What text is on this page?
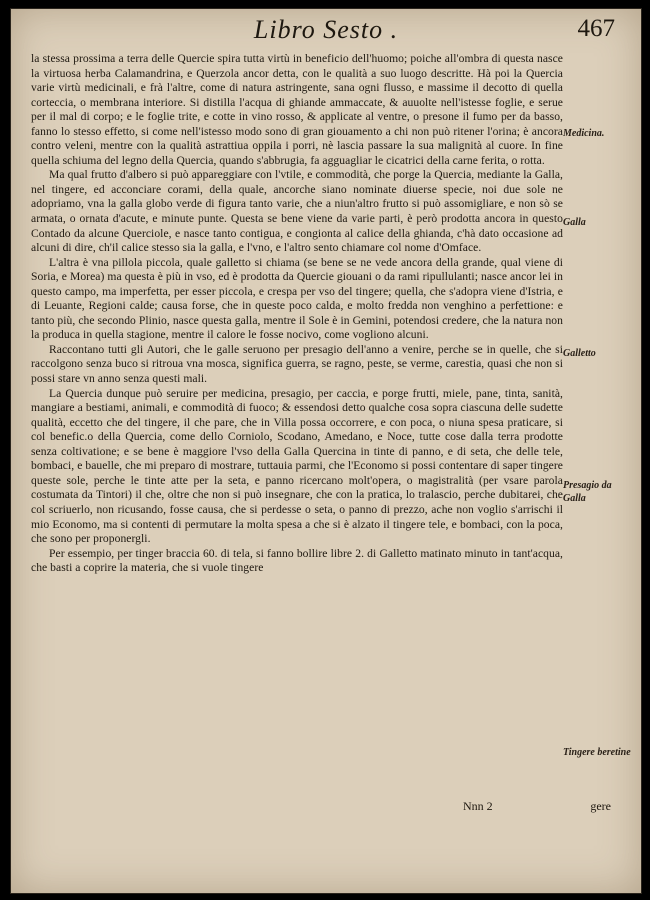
Libro Sesto .	467

la stessa prossima a terra delle Quercie spira tutta virtù in beneficio dell'huomo; poiche all'ombra di questa nasce la virtuosa herba Calamandrina, e Querzola ancor detta, con le qualità a suo luogo descritte. Hà poi la Quercia varie virtù medicinali, e frà l'altre, come di natura astringente, sana ogni flusso, e massime il decotto di quella corteccia, o membrana interiore. Si distilla l'acqua di ghiande ammaccate, & auuolte nell'istesse foglie, e serue per il mal di corpo; e le foglie trite, e cotte in vino rosso, & applicate al ventre, o presone il fumo per da basso, fanno lo stesso effetto, si come nell'istesso modo sono di gran giouamento a chi non può ritener l'orina; è ancora contro veleni, mentre con la qualità astrattiua oppila i porri, nè lascia passare la sua malignità al cuore. In fine quella schiuma del legno della Quercia, quando s'abbrugia, fa agguagliar le cicatrici della carne ferita, o rotta.

Ma qual frutto d'albero si può appareggiare con l'vtile, e commodità, che porge la Quercia, mediante la Galla, nel tingere, ed acconciare corami, della quale, ancorche siano nominate diuerse specie, noi due sole ne adopriamo, vna la galla globo verde di figura tanto varie, che a niun'altro frutto si può assomigliare, e non sò se armata, o ornata d'acute, e minute punte. Questa se bene viene da varie parti, è però prodotta ancora in questo Contado da alcune Querciole, e nasce tanto contigua, e congionta al calice della ghianda, c'hà dato occasione ad alcuni di dire, ch'il calice stesso sia la galla, e l'vno, e l'altro sento chiamare col nome d'Omface.

L'altra è vna pillola piccola, quale galletto si chiama (se bene se ne vede ancora della grande, qual viene di Soria, e Morea) ma questa è più in vso, ed è prodotta da Quercie giouani o da rami ripullulanti; nasce ancor lei in questo campo, ma imperfetta, per esser piccola, e crespa per vso del tingere; quella, che s'adopra viene d'Istria, e di Leuante, Regioni calde; causa forse, che in queste poco calda, e molto fredda non venghino a perfettione: e tanto più, che secondo Plinio, nasce questa galla, mentre il Sole è in Gemini, potendosi credere, che la natura non la produca in quella stagione, mentre il calore le fosse nocivo, come vogliono alcuni.

Raccontano tutti gli Autori, che le galle seruono per presagio dell'anno a venire, perche se in quelle, che si raccolgono senza buco si ritroua vna mosca, significa guerra, se ragno, peste, se verme, carestia, quasi che non si possi stare vn anno senza questi mali.

La Quercia dunque può seruire per medicina, presagio, per caccia, e porge frutti, miele, pane, tinta, sanità, mangiare a bestiami, animali, e commodità di fuoco; & essendosi detto qualche cosa sopra ciascuna delle sudette qualità, eccetto che del tingere, il che pare, che in Villa possa occorrere, e con poca, o niuna spesa praticare, si col benefic.o della Quercia, come dello Corniolo, Scodano, Amedano, e Noce, tutte cose dalla terra prodotte senza coltivatione; e se bene è maggiore l'vso della Galla Quercina in tinte di panno, e di seta, che delle tele, bombaci, e bauelle, che mi preparo di mostrare, tuttauia parmi, che l'Economo si possi contentare di saper tingere queste sole, perche le tinte atte per la seta, e panno ricercano molt'opera, o magistralità (per vsare parola costumata da Tintori) il che, oltre che non si può insegnare, che con la pratica, lo tralascio, perche dubitarei, che col scriuerlo, non ricusando, fosse causa, che si perdesse o seta, o panno di prezzo, ache non voglio s'arrischi il mio Economo, ma si contenti di permutare la molta spesa a che si è alzato il tingere tele, e bombaci, con la poca, che sono per proponergli.

Per essempio, per tinger braccia 60. di tela, si fanno bollire libre 2. di Galletto matinato minuto in tant'acqua, che basti a coprire la materia, che si vuole tingere

Medicina.
Galla
Galletto
Presagio da Galla
Tingere beretine
Nnn 2	gere
